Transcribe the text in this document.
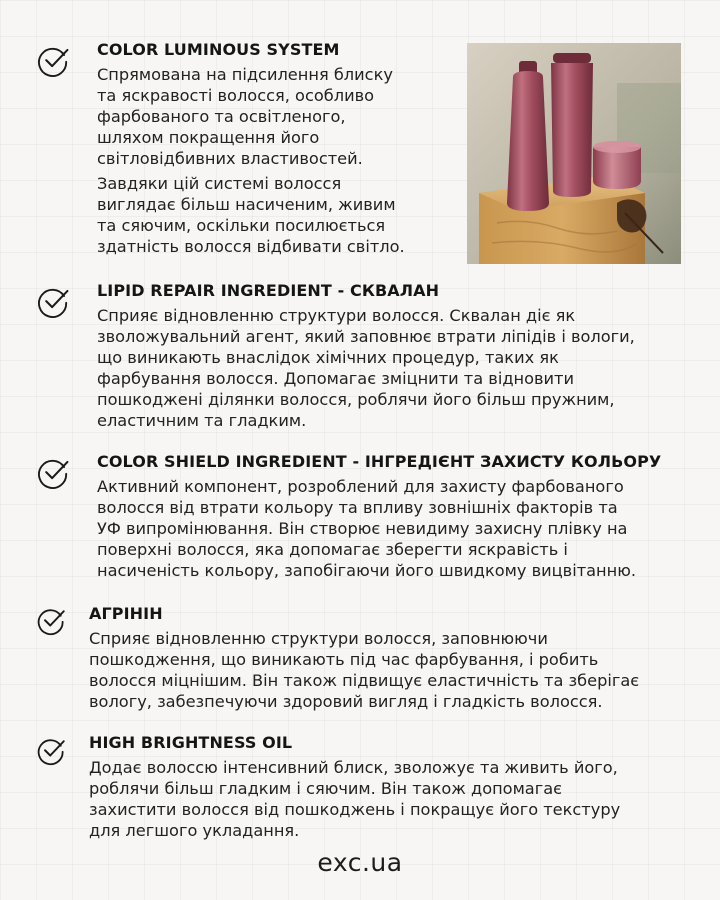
COLOR LUMINOUS SYSTEM

Спрямована на підсилення блиску
та яскравості волосся, особливо
фарбованого та освітленого,
шляхом покращення його
світловідбивних властивостей.

Завдяки цій системі волосся
виглядає більш насиченим, живим
та сяючим, оскільки посилюється
здатність волосся відбивати світло.

LIPID REPAIR INGREDIENT - СКВАЛАН

Сприяє відновленню структури волосся. Сквалан діє як
зволожувальний агент, який заповнює втрати ліпідів і вологи,
що виникають внаслідок хімічних процедур, таких як
фарбування волосся. Допомагає зміцнити та відновити
пошкоджені ділянки волосся, роблячи його більш пружним,
еластичним та гладким.

COLOR SHIELD INGREDIENT - ІНГРЕДІЄНТ ЗАХИСТУ КОЛЬОРУ

Активний компонент, розроблений для захисту фарбованого
волосся від втрати кольору та впливу зовнішніх факторів та
УФ випромінювання. Він створює невидиму захисну плівку на
поверхні волосся, яка допомагає зберегти яскравість і
насиченість кольору, запобігаючи його швидкому вицвітанню.

АГРІНІН

Сприяє відновленню структури волосся, заповнюючи
пошкодження, що виникають під час фарбування, і робить
волосся міцнішим. Він також підвищує еластичність та зберігає
вологу, забезпечуючи здоровий вигляд і гладкість волосся.

HIGH BRIGHTNESS OIL

Додає волоссю інтенсивний блиск, зволожує та живить його,
роблячи більш гладким і сяючим. Він також допомагає
захистити волосся від пошкоджень і покращує його текстуру
для легшого укладання.

exc.ua
